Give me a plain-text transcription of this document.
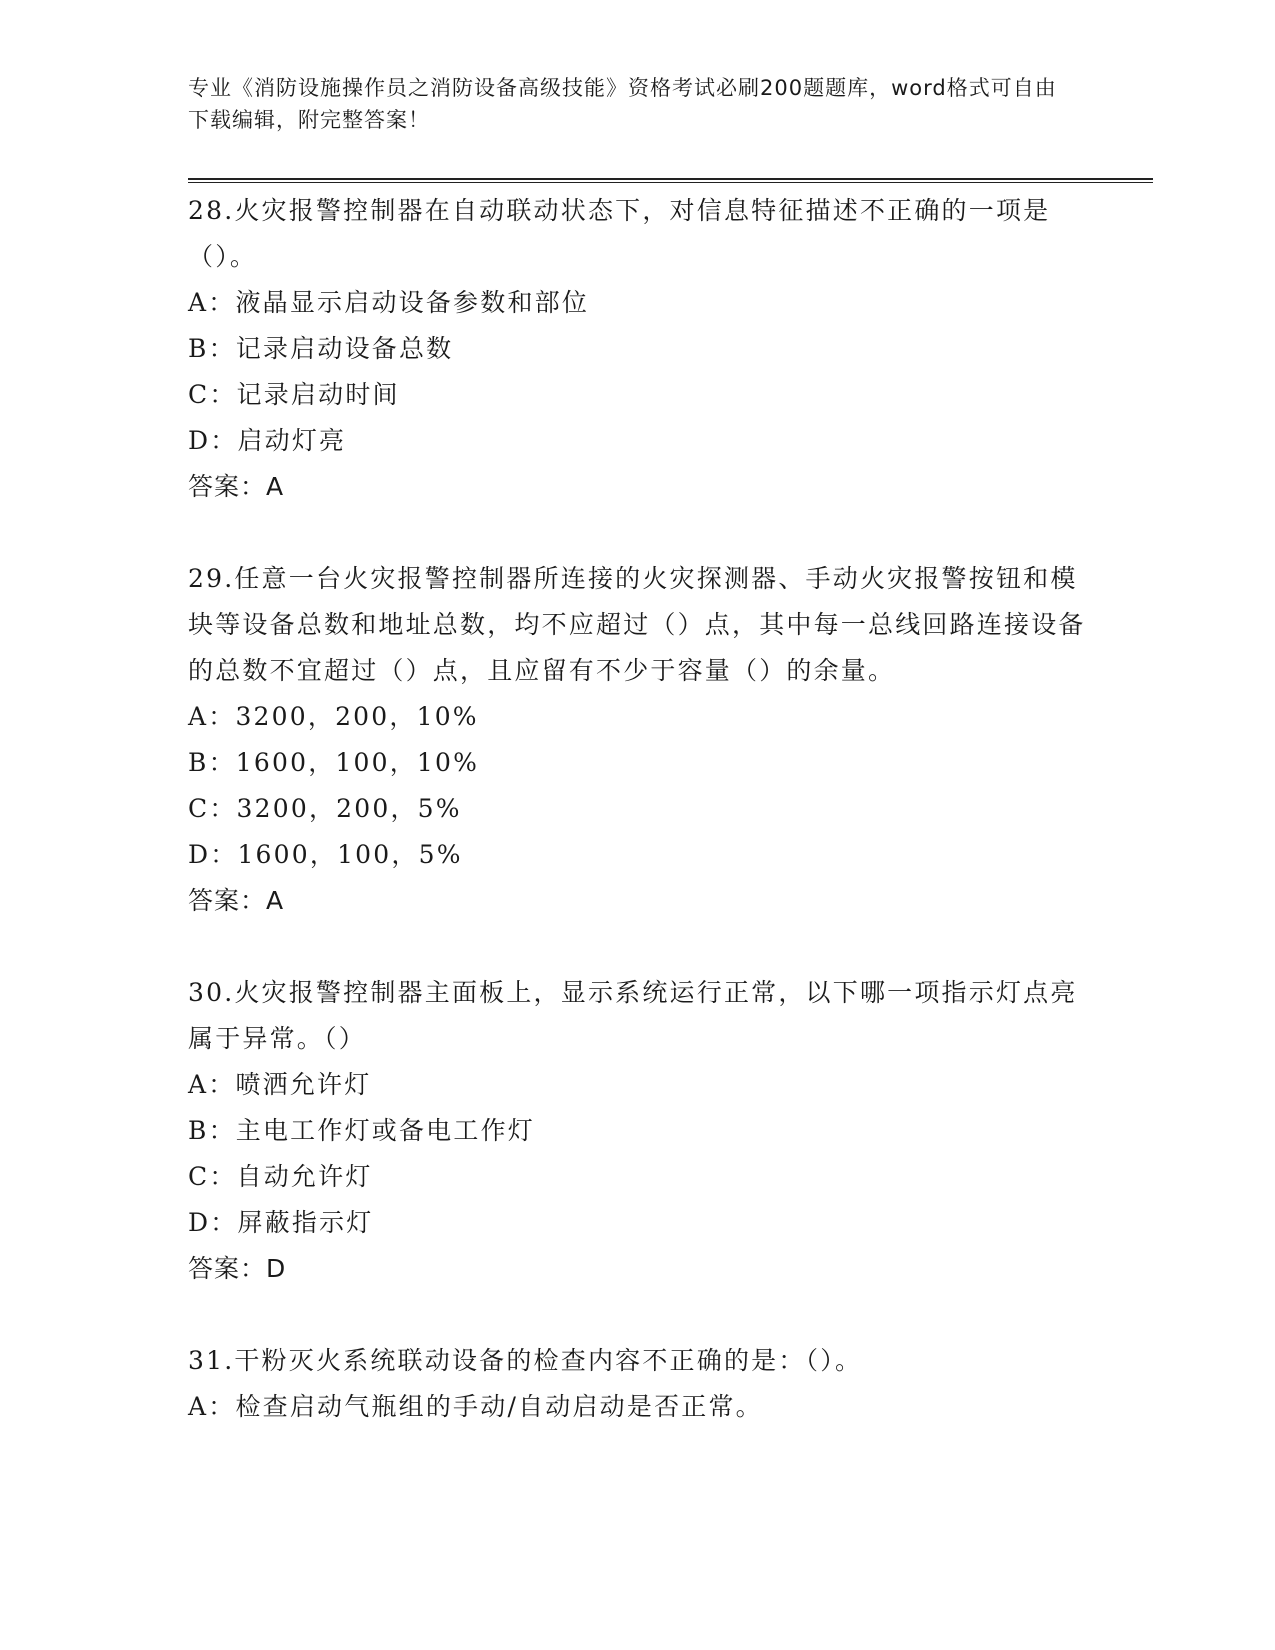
专业《消防设施操作员之消防设备高级技能》资格考试必刷200题题库，word格式可自由下载编辑，附完整答案！

28.火灾报警控制器在自动联动状态下，对信息特征描述不正确的一项是（）。

A：液晶显示启动设备参数和部位

B：记录启动设备总数

C：记录启动时间

D：启动灯亮

答案：A

29.任意一台火灾报警控制器所连接的火灾探测器、手动火灾报警按钮和模块等设备总数和地址总数，均不应超过（）点，其中每一总线回路连接设备的总数不宜超过（）点，且应留有不少于容量（）的余量。

A：3200，200，10%

B：1600，100，10%

C：3200，200，5%

D：1600，100，5%

答案：A

30.火灾报警控制器主面板上，显示系统运行正常，以下哪一项指示灯点亮属于异常。（）

A：喷洒允许灯

B：主电工作灯或备电工作灯

C：自动允许灯

D：屏蔽指示灯

答案：D

31.干粉灭火系统联动设备的检查内容不正确的是：（）。

A：检查启动气瓶组的手动/自动启动是否正常。
